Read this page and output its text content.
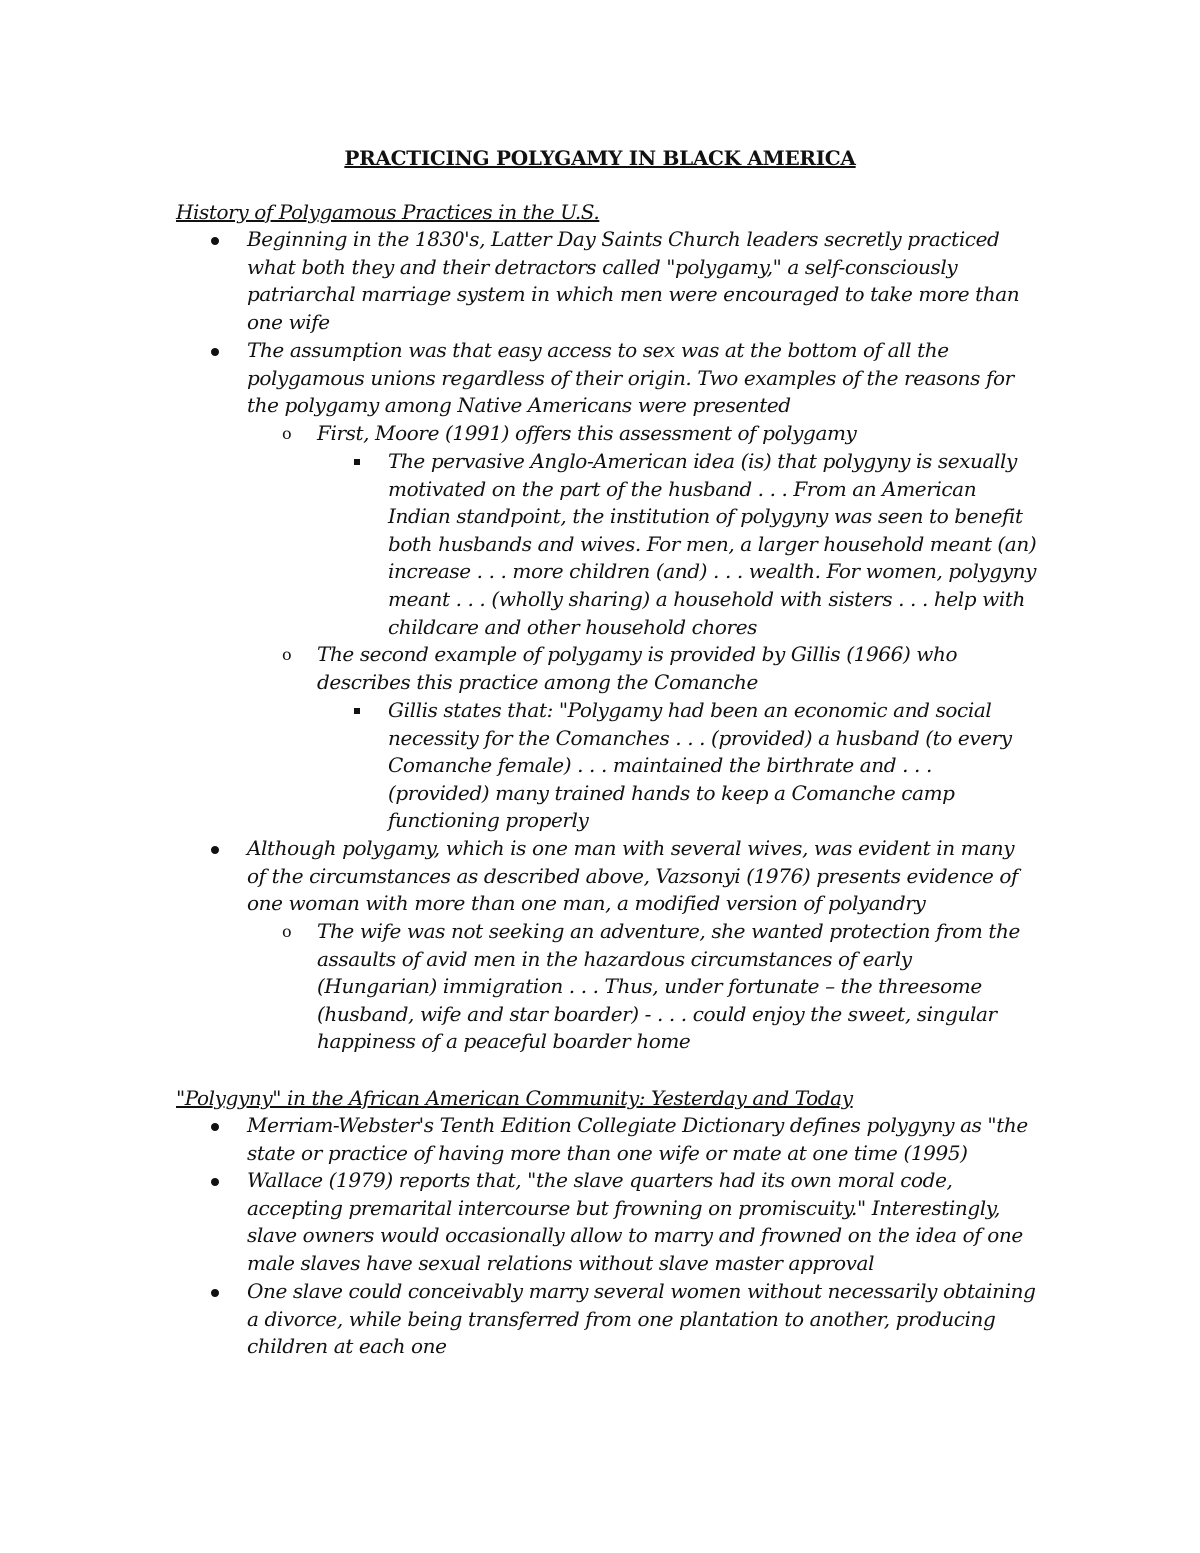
PRACTICING POLYGAMY IN BLACK AMERICA
History of Polygamous Practices in the U.S.
Beginning in the 1830's, Latter Day Saints Church leaders secretly practiced what both they and their detractors called "polygamy," a self-consciously patriarchal marriage system in which men were encouraged to take more than one wife
The assumption was that easy access to sex was at the bottom of all the polygamous unions regardless of their origin. Two examples of the reasons for the polygamy among Native Americans were presented
o First, Moore (1991) offers this assessment of polygamy
The pervasive Anglo-American idea (is) that polygyny is sexually motivated on the part of the husband . . . From an American Indian standpoint, the institution of polygyny was seen to benefit both husbands and wives. For men, a larger household meant (an) increase . . . more children (and) . . . wealth. For women, polygyny meant . . . (wholly sharing) a household with sisters . . . help with childcare and other household chores
o The second example of polygamy is provided by Gillis (1966) who describes this practice among the Comanche
Gillis states that: "Polygamy had been an economic and social necessity for the Comanches . . . (provided) a husband (to every Comanche female) . . . maintained the birthrate and . . . (provided) many trained hands to keep a Comanche camp functioning properly
Although polygamy, which is one man with several wives, was evident in many of the circumstances as described above, Vazsonyi (1976) presents evidence of one woman with more than one man, a modified version of polyandry
o The wife was not seeking an adventure, she wanted protection from the assaults of avid men in the hazardous circumstances of early (Hungarian) immigration . . . Thus, under fortunate – the threesome (husband, wife and star boarder) - . . . could enjoy the sweet, singular happiness of a peaceful boarder home
"Polygyny" in the African American Community: Yesterday and Today
Merriam-Webster's Tenth Edition Collegiate Dictionary defines polygyny as "the state or practice of having more than one wife or mate at one time (1995)
Wallace (1979) reports that, "the slave quarters had its own moral code, accepting premarital intercourse but frowning on promiscuity." Interestingly, slave owners would occasionally allow to marry and frowned on the idea of one male slaves have sexual relations without slave master approval
One slave could conceivably marry several women without necessarily obtaining a divorce, while being transferred from one plantation to another, producing children at each one
